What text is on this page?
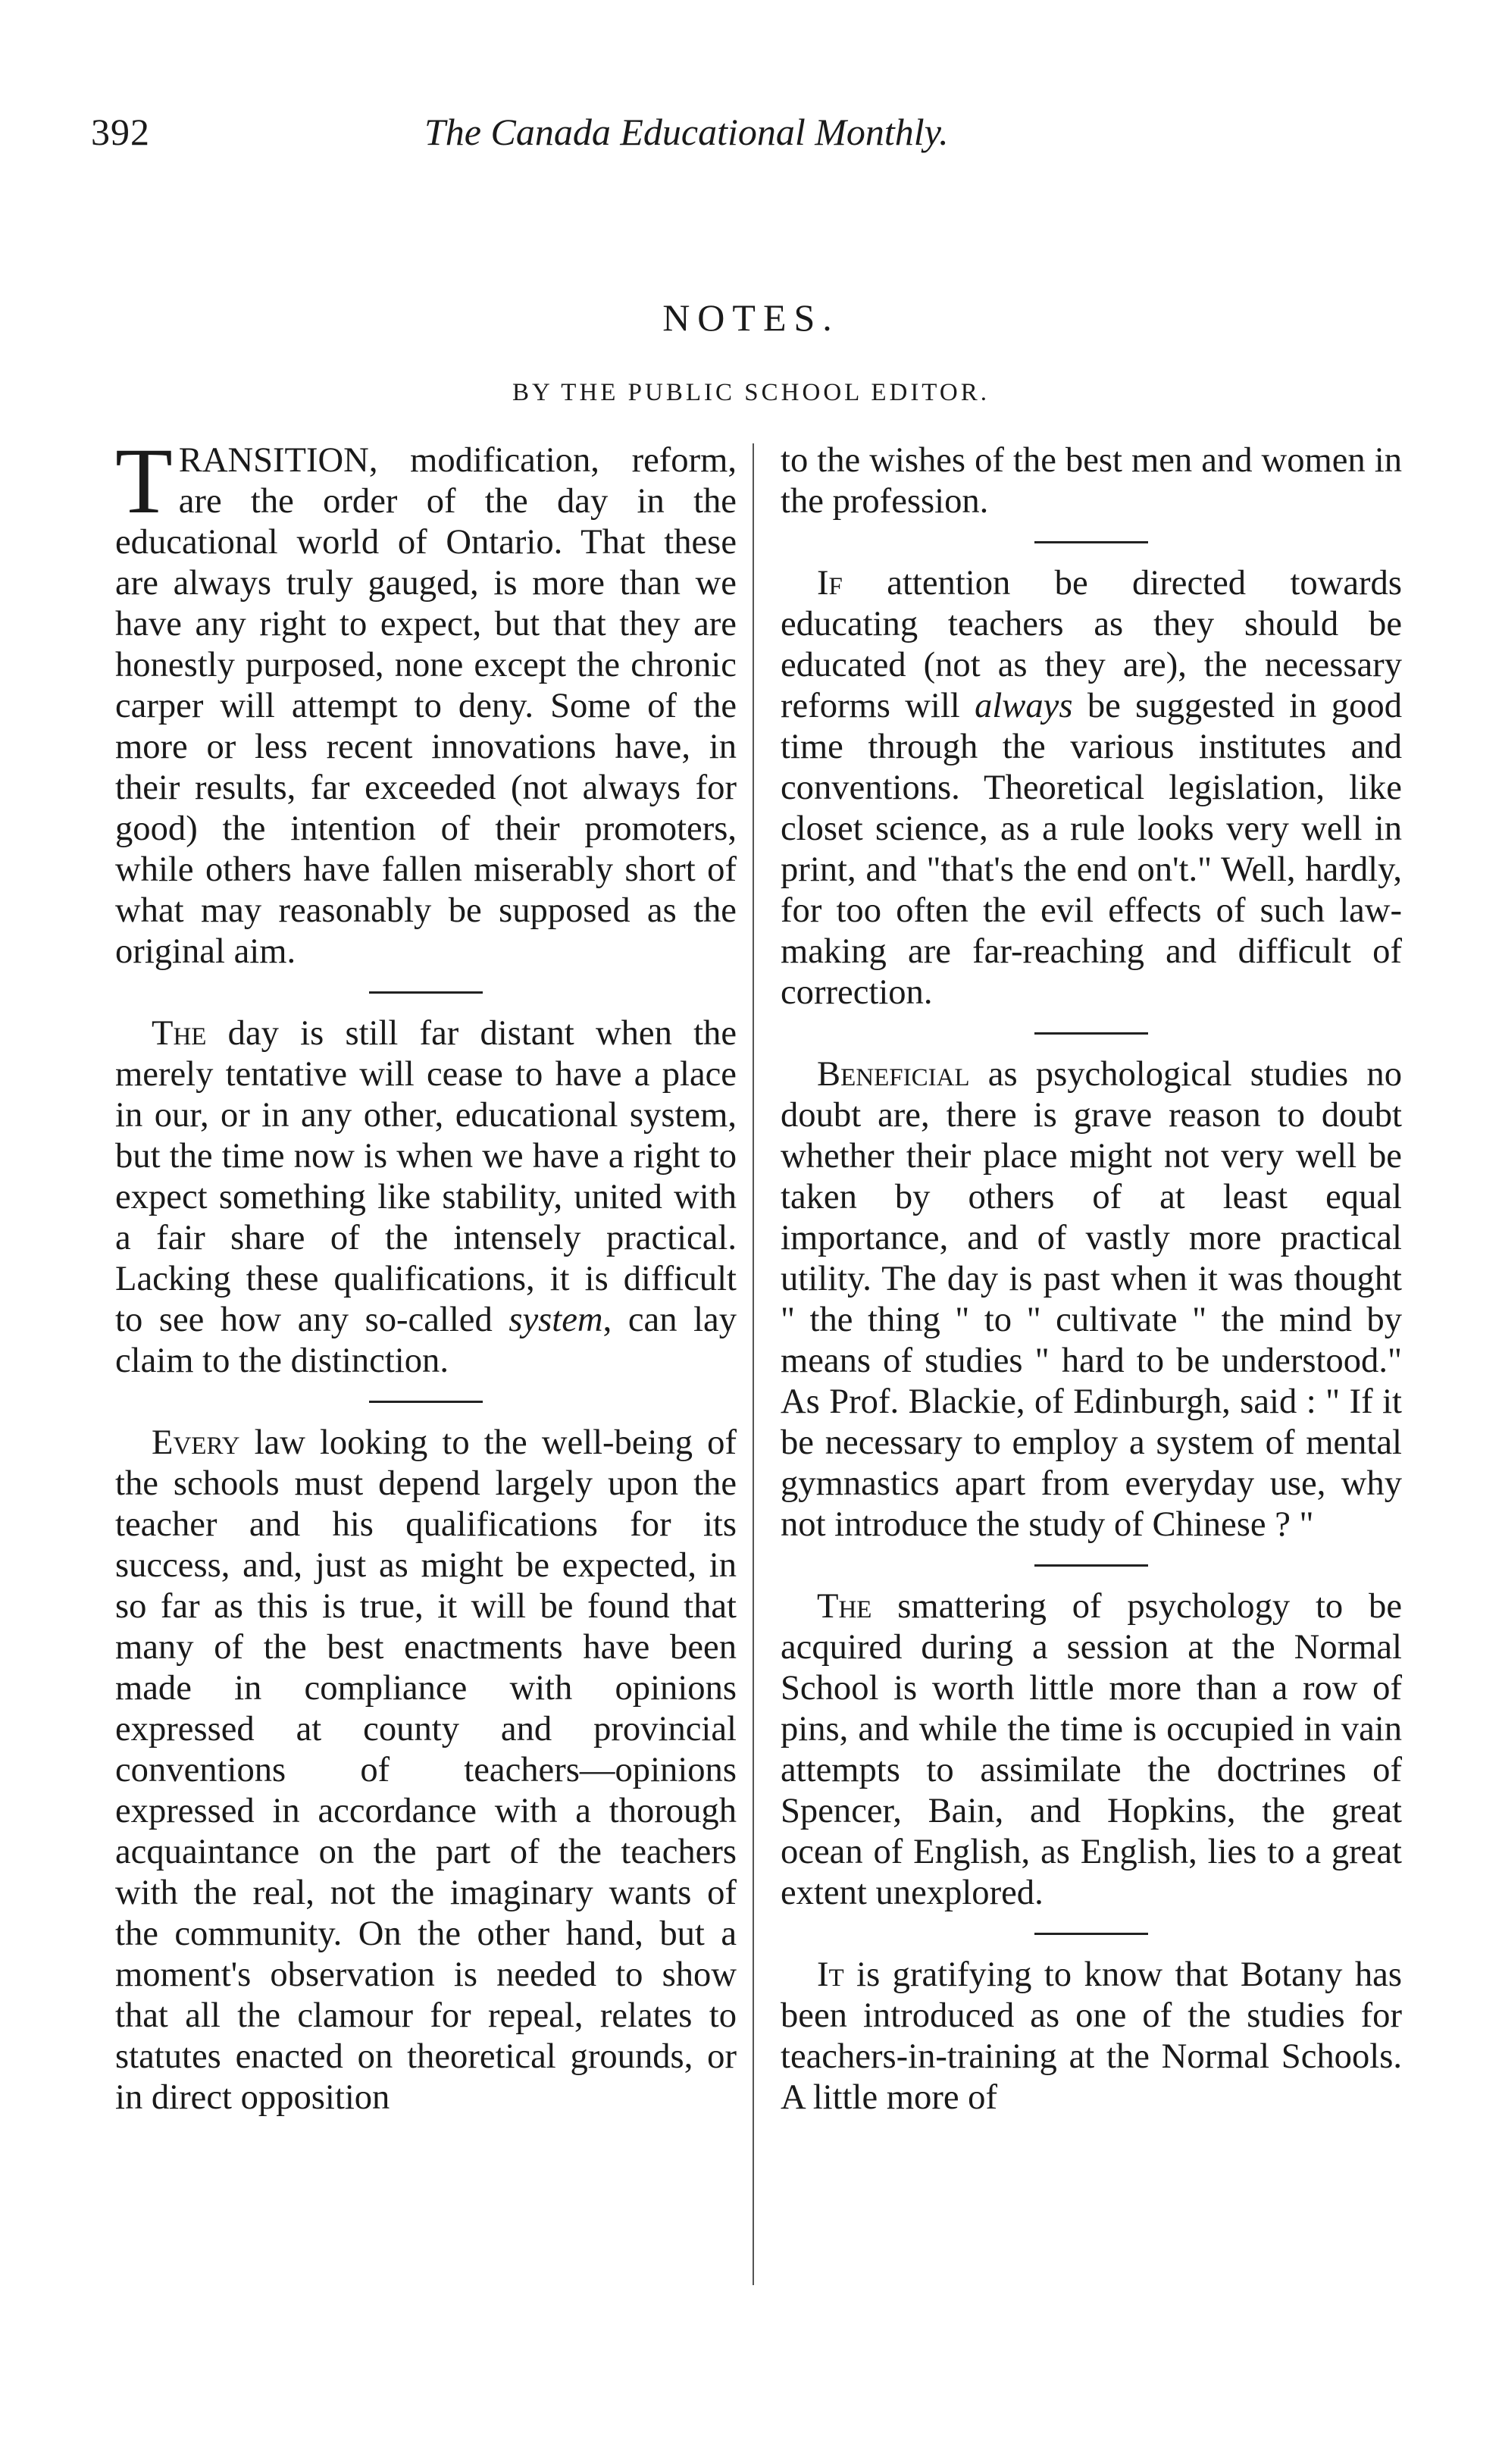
392	The Canada Educational Monthly.
NOTES.
BY THE PUBLIC SCHOOL EDITOR.

TRANSITION, modification, reform, are the order of the day in the educational world of Ontario. That these are always truly gauged, is more than we have any right to expect, but that they are honestly purposed, none except the chronic carper will attempt to deny. Some of the more or less recent innovations have, in their results, far exceeded (not always for good) the intention of their promoters, while others have fallen miserably short of what may reasonably be supposed as the original aim.

The day is still far distant when the merely tentative will cease to have a place in our, or in any other, educational system, but the time now is when we have a right to expect something like stability, united with a fair share of the intensely practical. Lacking these qualifications, it is difficult to see how any so-called system, can lay claim to the distinction.

Every law looking to the well-being of the schools must depend largely upon the teacher and his qualifications for its success, and, just as might be expected, in so far as this is true, it will be found that many of the best enactments have been made in compliance with opinions expressed at county and provincial conventions of teachers—opinions expressed in accordance with a thorough acquaintance on the part of the teachers with the real, not the imaginary wants of the community. On the other hand, but a moment's observation is needed to show that all the clamour for repeal, relates to statutes enacted on theoretical grounds, or in direct opposition

to the wishes of the best men and women in the profession.

If attention be directed towards educating teachers as they should be educated (not as they are), the necessary reforms will always be suggested in good time through the various institutes and conventions. Theoretical legislation, like closet science, as a rule looks very well in print, and "that's the end on't." Well, hardly, for too often the evil effects of such law-making are far-reaching and difficult of correction.

Beneficial as psychological studies no doubt are, there is grave reason to doubt whether their place might not very well be taken by others of at least equal importance, and of vastly more practical utility. The day is past when it was thought " the thing " to " cultivate " the mind by means of studies " hard to be understood." As Prof. Blackie, of Edinburgh, said : " If it be necessary to employ a system of mental gymnastics apart from everyday use, why not introduce the study of Chinese ? "

The smattering of psychology to be acquired during a session at the Normal School is worth little more than a row of pins, and while the time is occupied in vain attempts to assimilate the doctrines of Spencer, Bain, and Hopkins, the great ocean of English, as English, lies to a great extent unexplored.

It is gratifying to know that Botany has been introduced as one of the studies for teachers-in-training at the Normal Schools. A little more of
